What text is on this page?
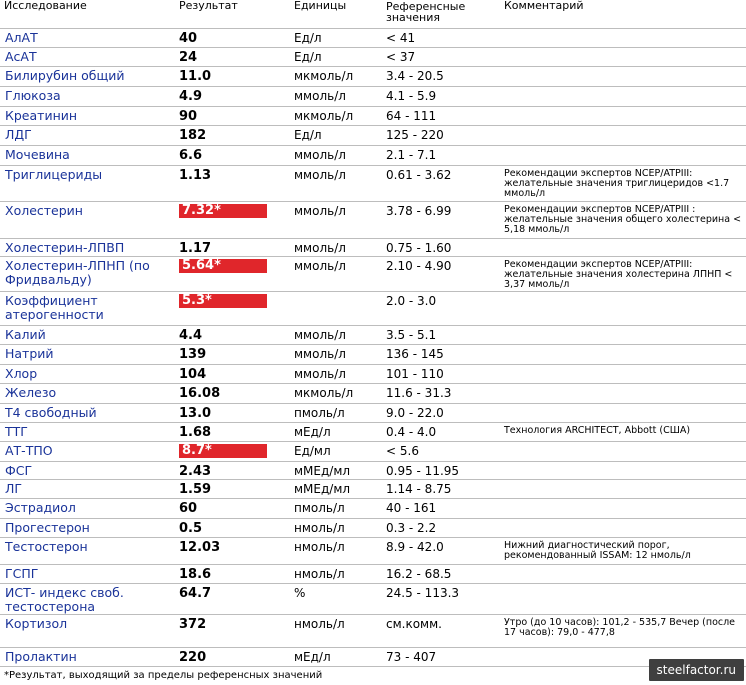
Исследование	Результат	Единицы	Референсные значения	Комментарий
АлАТ	40	Ед/л	< 41	
АсАТ	24	Ед/л	< 37	
Билирубин общий	11.0	мкмоль/л	3.4 - 20.5	
Глюкоза	4.9	ммоль/л	4.1 - 5.9	
Креатинин	90	мкмоль/л	64 - 111	
ЛДГ	182	Ед/л	125 - 220	
Мочевина	6.6	ммоль/л	2.1 - 7.1	
Триглицериды	1.13	ммоль/л	0.61 - 3.62	Рекомендации экспертов NCEP/ATPIII: желательные значения триглицеридов <1.7 ммоль/л
Холестерин	7.32*	ммоль/л	3.78 - 6.99	Рекомендации экспертов NCEP/ATPIII : желательные значения общего холестерина < 5,18 ммоль/л
Холестерин-ЛПВП	1.17	ммоль/л	0.75 - 1.60	
Холестерин-ЛПНП (по Фридвальду)	5.64*	ммоль/л	2.10 - 4.90	Рекомендации экспертов NCEP/ATPIII: желательные значения холестерина ЛПНП < 3,37 ммоль/л
Коэффициент атерогенности	5.3*		2.0 - 3.0	
Калий	4.4	ммоль/л	3.5 - 5.1	
Натрий	139	ммоль/л	136 - 145	
Хлор	104	ммоль/л	101 - 110	
Железо	16.08	мкмоль/л	11.6 - 31.3	
Т4 свободный	13.0	пмоль/л	9.0 - 22.0	
ТТГ	1.68	мЕд/л	0.4 - 4.0	Технология ARCHITECT, Abbott (США)
АТ-ТПО	8.7*	Ед/мл	< 5.6	
ФСГ	2.43	мМЕд/мл	0.95 - 11.95	
ЛГ	1.59	мМЕд/мл	1.14 - 8.75	
Эстрадиол	60	пмоль/л	40 - 161	
Прогестерон	0.5	нмоль/л	0.3 - 2.2	
Тестостерон	12.03	нмоль/л	8.9 - 42.0	Нижний диагностический порог, рекомендованный ISSAM: 12 нмоль/л
ГСПГ	18.6	нмоль/л	16.2 - 68.5	
ИСТ- индекс своб. тестостерона	64.7	%	24.5 - 113.3	
Кортизол	372	нмоль/л	см.комм.	Утро (до 10 часов): 101,2 - 535,7 Вечер (после 17 часов): 79,0 - 477,8
Пролактин	220	мЕд/л	73 - 407	
*Результат, выходящий за пределы референсных значений	steelfactor.ru
